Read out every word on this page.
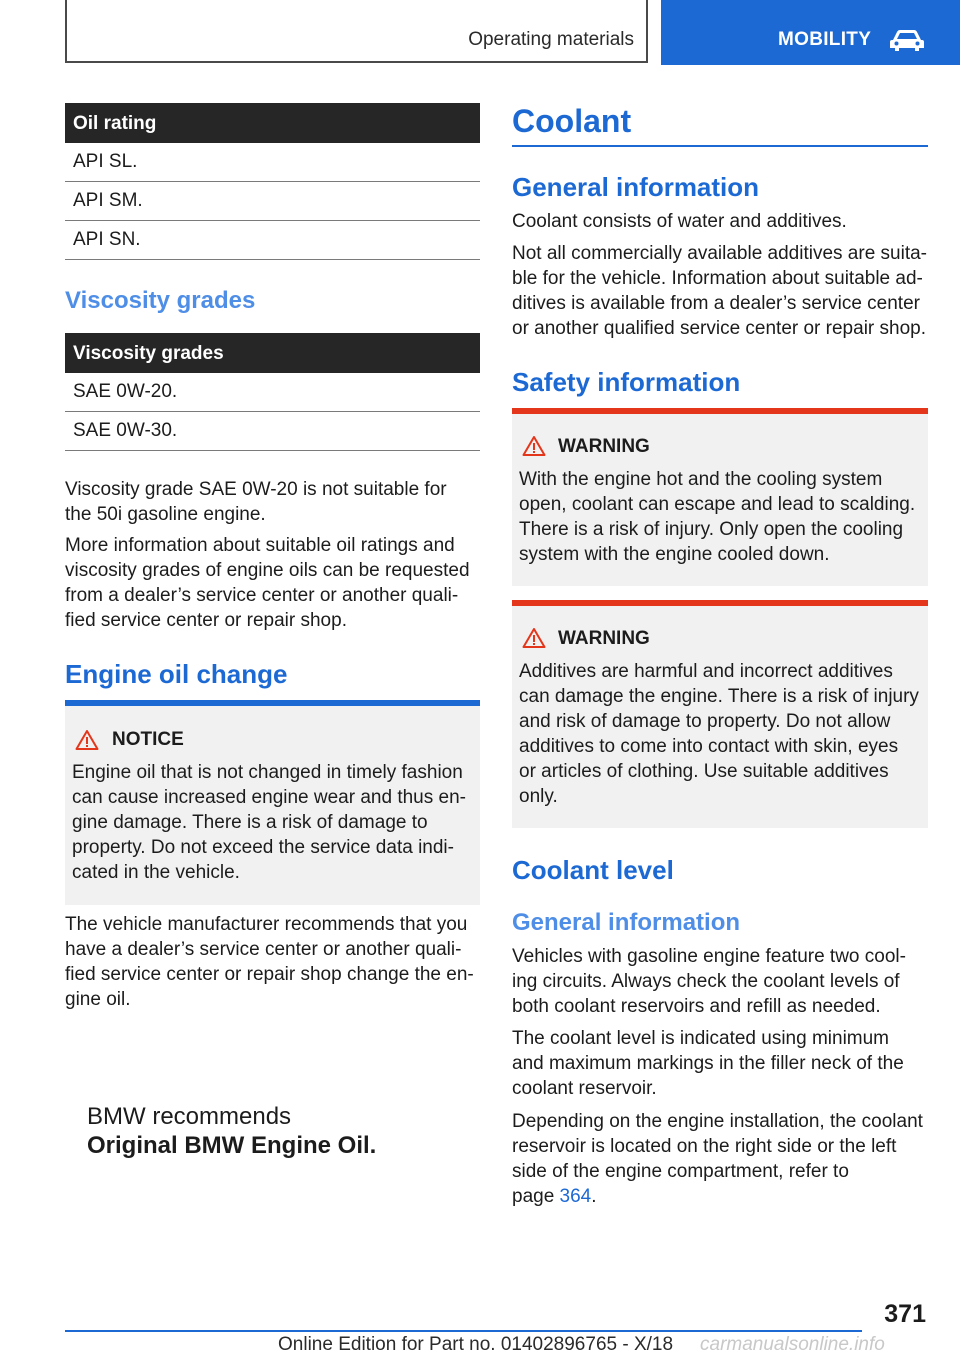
Operating materials	MOBILITY
Oil rating
API SL.
API SM.
API SN.
Viscosity grades
Viscosity grades
SAE 0W-20.
SAE 0W-30.
Viscosity grade SAE 0W-20 is not suitable for
the 50i gasoline engine.
More information about suitable oil ratings and
viscosity grades of engine oils can be requested
from a dealer’s service center or another quali-
fied service center or repair shop.
Engine oil change
NOTICE
Engine oil that is not changed in timely fashion
can cause increased engine wear and thus en-
gine damage. There is a risk of damage to
property. Do not exceed the service data indi-
cated in the vehicle.
The vehicle manufacturer recommends that you
have a dealer’s service center or another quali-
fied service center or repair shop change the en-
gine oil.
BMW recommends
Original BMW Engine Oil.
Coolant
General information
Coolant consists of water and additives.
Not all commercially available additives are suita-
ble for the vehicle. Information about suitable ad-
ditives is available from a dealer’s service center
or another qualified service center or repair shop.
Safety information
WARNING
With the engine hot and the cooling system
open, coolant can escape and lead to scalding.
There is a risk of injury. Only open the cooling
system with the engine cooled down.
WARNING
Additives are harmful and incorrect additives
can damage the engine. There is a risk of injury
and risk of damage to property. Do not allow
additives to come into contact with skin, eyes
or articles of clothing. Use suitable additives
only.
Coolant level
General information
Vehicles with gasoline engine feature two cool-
ing circuits. Always check the coolant levels of
both coolant reservoirs and refill as needed.
The coolant level is indicated using minimum
and maximum markings in the filler neck of the
coolant reservoir.
Depending on the engine installation, the coolant
reservoir is located on the right side or the left
side of the engine compartment, refer to
page 364.
371
Online Edition for Part no. 01402896765 - X/18 carmanualsonline.info
